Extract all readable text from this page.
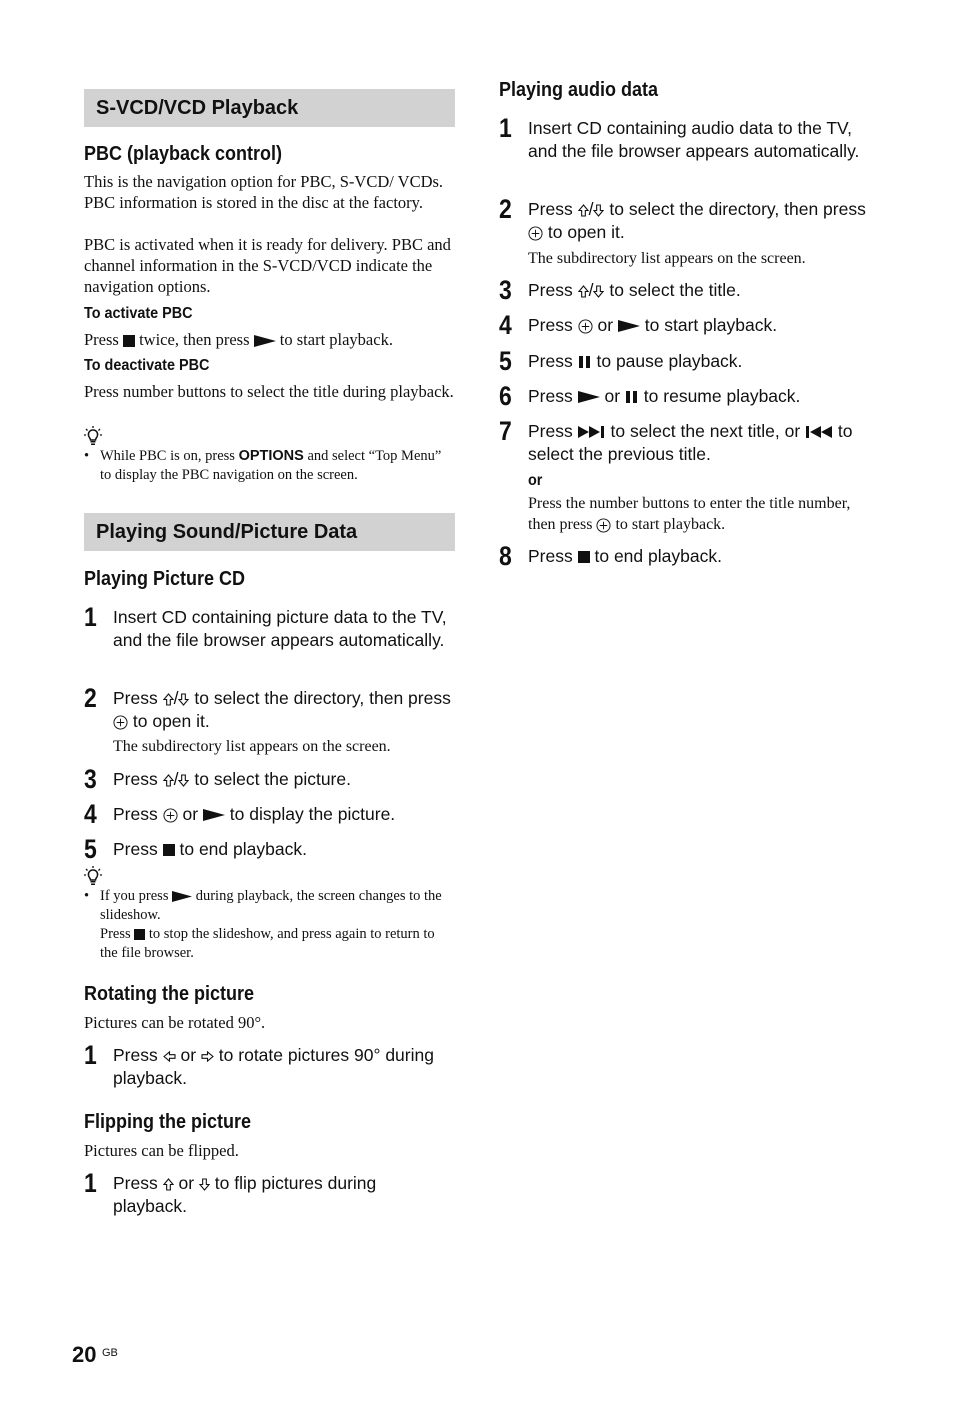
S-VCD/VCD Playback
PBC (playback control)
This is the navigation option for PBC, S-VCD/ VCDs. PBC information is stored in the disc at the factory.
PBC is activated when it is ready for delivery. PBC and channel information in the S-VCD/VCD indicate the navigation options.
To activate PBC
Press twice, then press to start playback.
To deactivate PBC
Press number buttons to select the title during playback.
• While PBC is on, press OPTIONS and select “Top Menu” to display the PBC navigation on the screen.
Playing Sound/Picture Data
Playing Picture CD
1 Insert CD containing picture data to the TV, and the file browser appears automatically.
2 Press / to select the directory, then press  to open it.
The subdirectory list appears on the screen.
3 Press / to select the picture.
4 Press or to display the picture.
5 Press to end playback.
• If you press during playback, the screen changes to the slideshow.
Press to stop the slideshow, and press again to return to the file browser.
Rotating the picture
Pictures can be rotated 90°.
1 Press or to rotate pictures 90° during playback.
Flipping the picture
Pictures can be flipped.
1 Press or to flip pictures during playback.
Playing audio data
1 Insert CD containing audio data to the TV, and the file browser appears automatically.
2 Press / to select the directory, then press  to open it.
The subdirectory list appears on the screen.
3 Press / to select the title.
4 Press or to start playback.
5 Press to pause playback.
6 Press or to resume playback.
7 Press to select the next title, or to select the previous title.
or
Press the number buttons to enter the title number, then press to start playback.
8 Press to end playback.
20 GB
